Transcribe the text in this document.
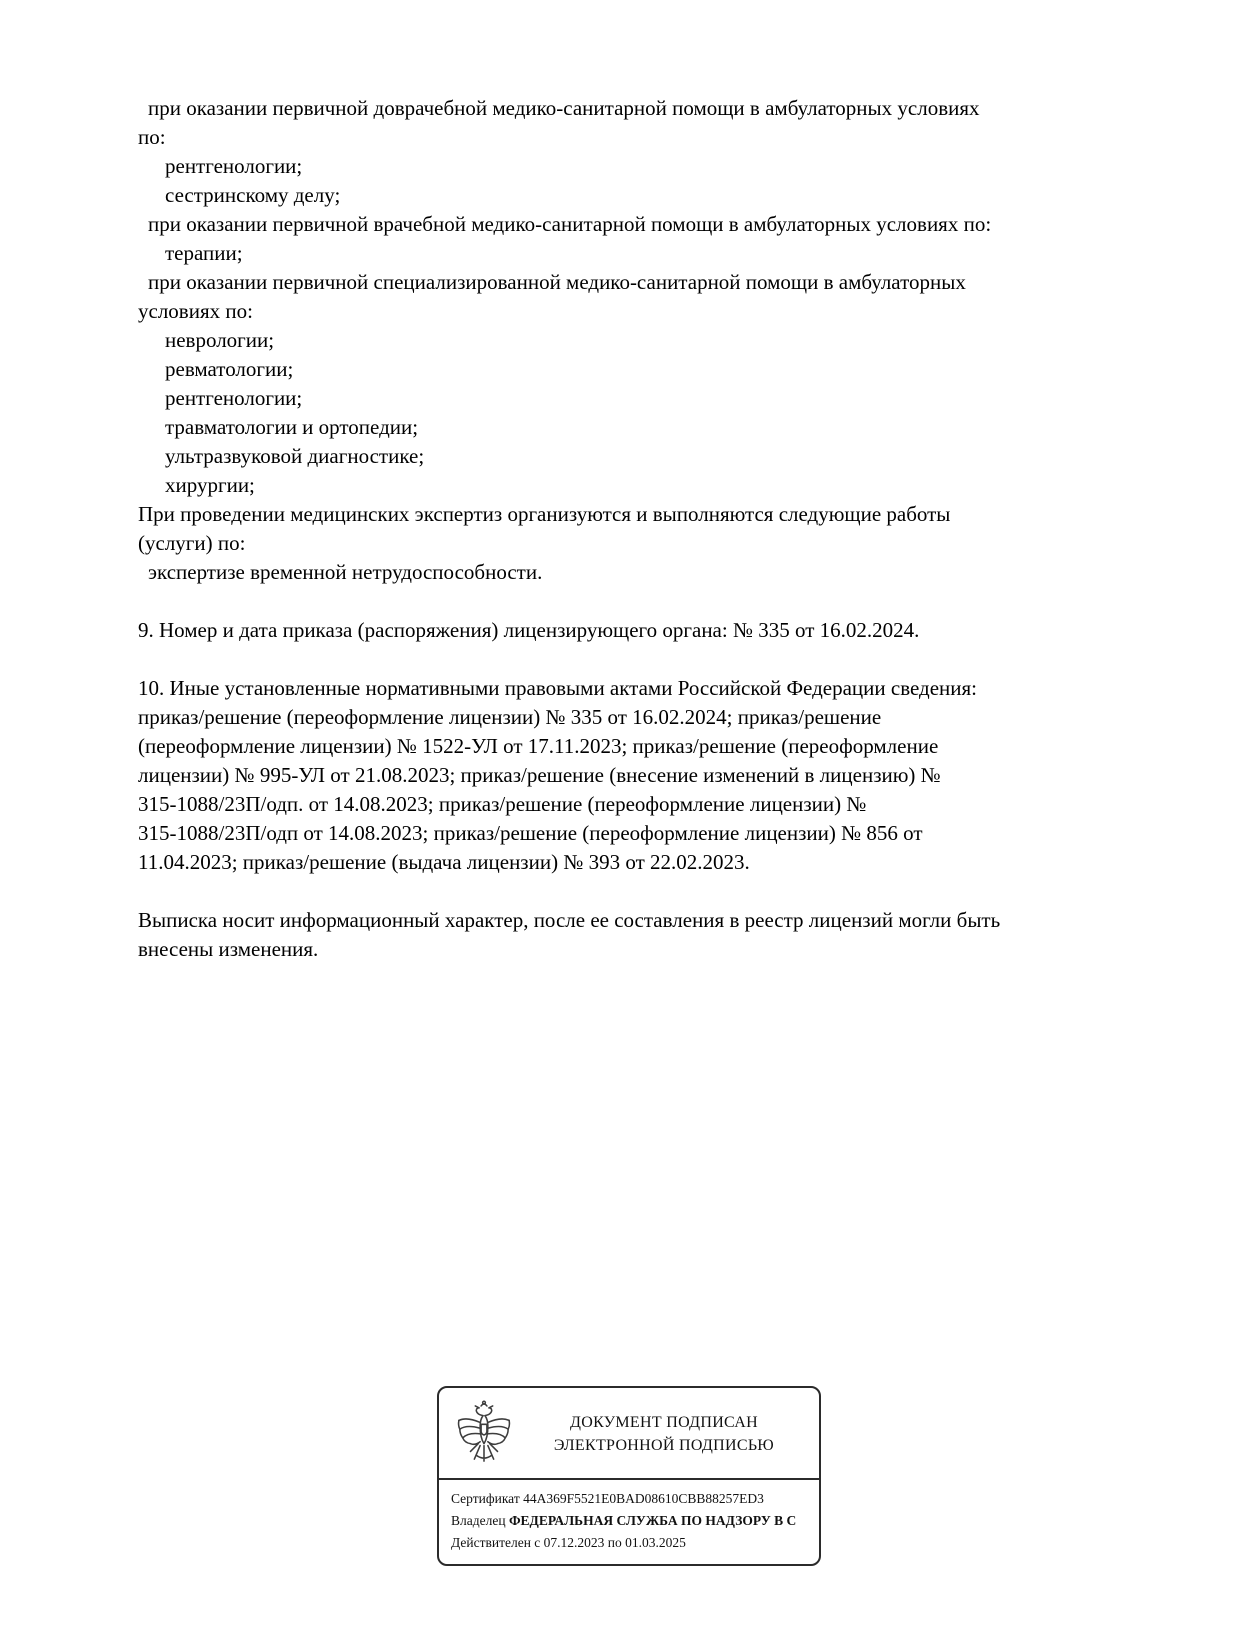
при оказании первичной доврачебной медико-санитарной помощи в амбулаторных условиях
по:
рентгенологии;
сестринскому делу;
при оказании первичной врачебной медико-санитарной помощи в амбулаторных условиях по:
терапии;
при оказании первичной специализированной медико-санитарной помощи в амбулаторных
условиях по:
неврологии;
ревматологии;
рентгенологии;
травматологии и ортопедии;
ультразвуковой диагностике;
хирургии;
При проведении медицинских экспертиз организуются и выполняются следующие работы
(услуги) по:
экспертизе временной нетрудоспособности.
9. Номер и дата приказа (распоряжения) лицензирующего органа: № 335 от 16.02.2024.
10. Иные установленные нормативными правовыми актами Российской Федерации сведения:
приказ/решение (переоформление лицензии) № 335 от 16.02.2024; приказ/решение
(переоформление лицензии) № 1522-УЛ от 17.11.2023; приказ/решение (переоформление
лицензии) № 995-УЛ от 21.08.2023; приказ/решение (внесение изменений в лицензию) №
315-1088/23П/одп. от 14.08.2023; приказ/решение (переоформление лицензии) №
315-1088/23П/одп от 14.08.2023; приказ/решение (переоформление лицензии) № 856 от
11.04.2023; приказ/решение (выдача лицензии) № 393 от 22.02.2023.
Выписка носит информационный характер, после ее составления в реестр лицензий могли быть
внесены изменения.
ДОКУМЕНТ ПОДПИСАН
ЭЛЕКТРОННОЙ ПОДПИСЬЮ
Сертификат 44A369F5521E0BAD08610CBB88257ED3
Владелец ФЕДЕРАЛЬНАЯ СЛУЖБА ПО НАДЗОРУ В С
Действителен с 07.12.2023 по 01.03.2025
